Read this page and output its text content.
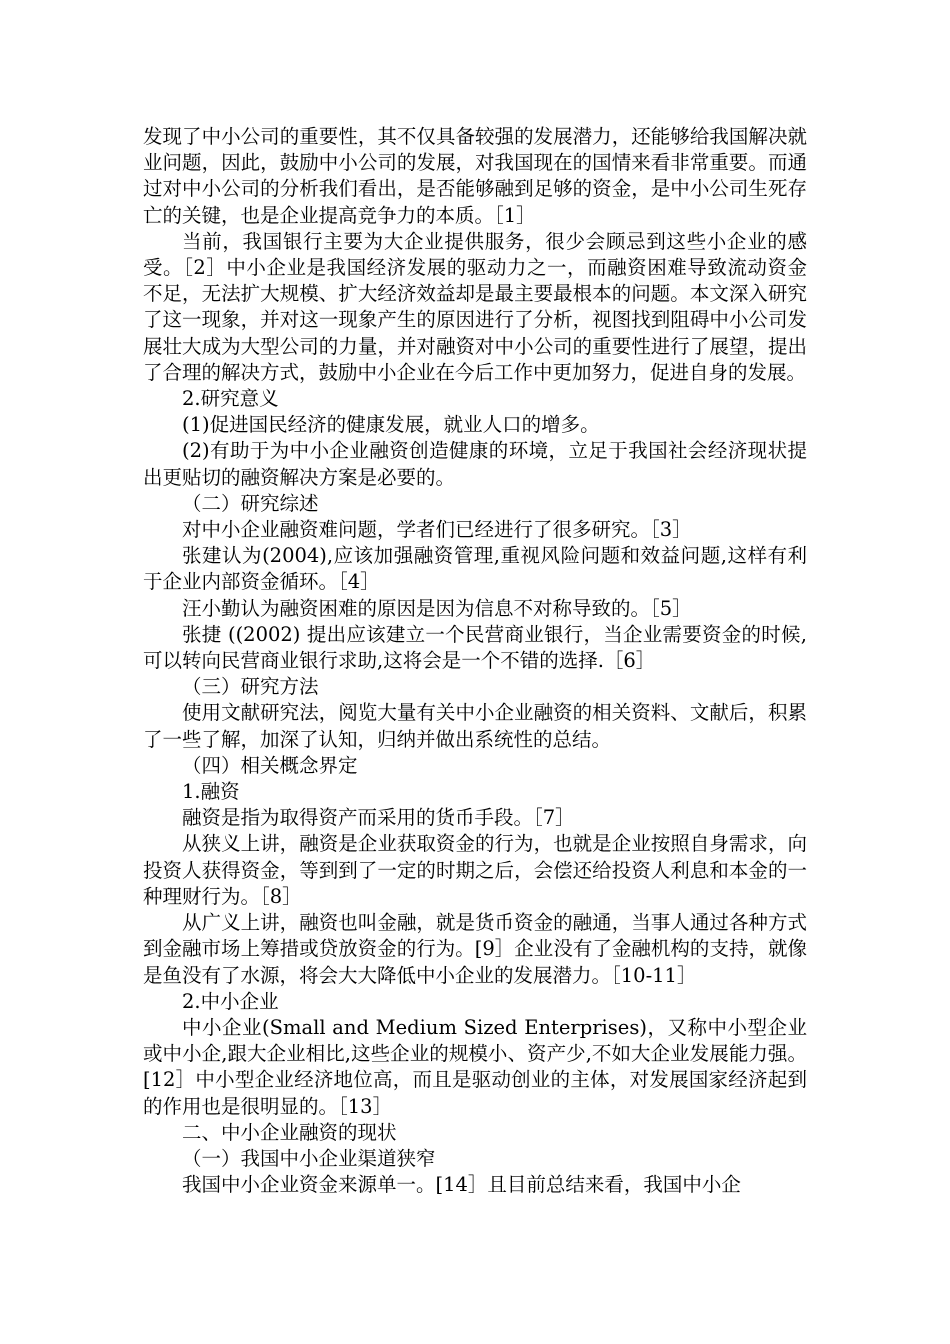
发现了中小公司的重要性，其不仅具备较强的发展潜力，还能够给我国解决就业问题，因此，鼓励中小公司的发展，对我国现在的国情来看非常重要。而通过对中小公司的分析我们看出，是否能够融到足够的资金，是中小公司生死存亡的关键，也是企业提高竞争力的本质。［1］

当前，我国银行主要为大企业提供服务，很少会顾忌到这些小企业的感受。［2］中小企业是我国经济发展的驱动力之一，而融资困难导致流动资金不足，无法扩大规模、扩大经济效益却是最主要最根本的问题。本文深入研究了这一现象，并对这一现象产生的原因进行了分析，视图找到阻碍中小公司发展壮大成为大型公司的力量，并对融资对中小公司的重要性进行了展望，提出了合理的解决方式，鼓励中小企业在今后工作中更加努力，促进自身的发展。

2.研究意义

(1)促进国民经济的健康发展，就业人口的增多。

(2)有助于为中小企业融资创造健康的环境，立足于我国社会经济现状提出更贴切的融资解决方案是必要的。

（二）研究综述

对中小企业融资难问题，学者们已经进行了很多研究。［3］

张建认为(2004),应该加强融资管理,重视风险问题和效益问题,这样有利于企业内部资金循环。［4］

汪小勤认为融资困难的原因是因为信息不对称导致的。［5］

张捷 ((2002) 提出应该建立一个民营商业银行，当企业需要资金的时候,可以转向民营商业银行求助,这将会是一个不错的选择.［6］

（三）研究方法

使用文献研究法，阅览大量有关中小企业融资的相关资料、文献后，积累了一些了解，加深了认知，归纳并做出系统性的总结。

（四）相关概念界定

1.融资

融资是指为取得资产而采用的货币手段。［7］

从狭义上讲，融资是企业获取资金的行为，也就是企业按照自身需求，向投资人获得资金，等到到了一定的时期之后，会偿还给投资人利息和本金的一种理财行为。［8］

从广义上讲，融资也叫金融，就是货币资金的融通，当事人通过各种方式到金融市场上筹措或贷放资金的行为。[9］企业没有了金融机构的支持，就像是鱼没有了水源，将会大大降低中小企业的发展潜力。［10-11］

2.中小企业

中小企业(Small and Medium Sized Enterprises)，又称中小型企业或中小企,跟大企业相比,这些企业的规模小、资产少,不如大企业发展能力强。[12］中小型企业经济地位高，而且是驱动创业的主体，对发展国家经济起到的作用也是很明显的。［13］

二、中小企业融资的现状

（一）我国中小企业渠道狭窄

我国中小企业资金来源单一。[14］且目前总结来看，我国中小企
